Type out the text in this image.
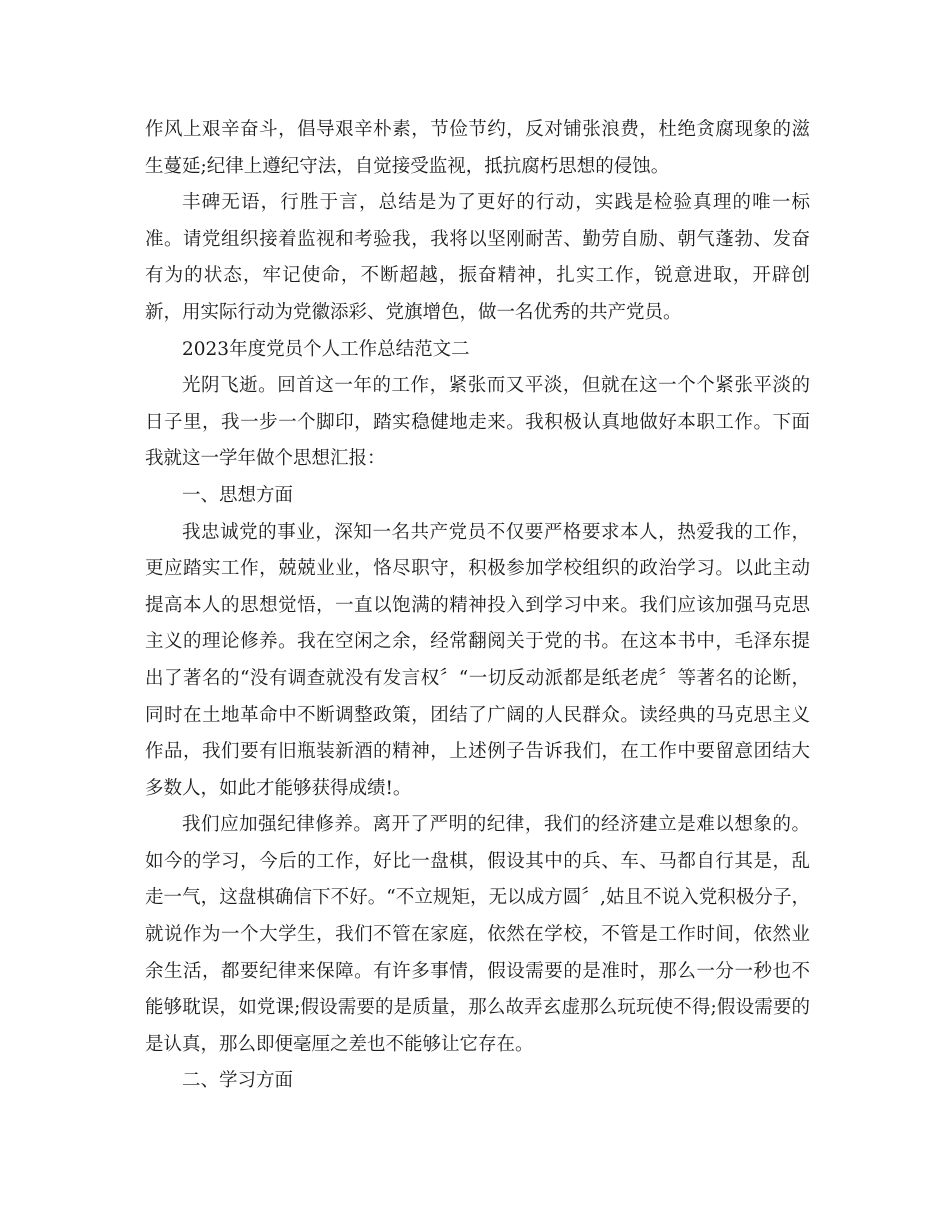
作风上艰辛奋斗，倡导艰辛朴素，节俭节约，反对铺张浪费，杜绝贪腐现象的滋生蔓延;纪律上遵纪守法，自觉接受监视，抵抗腐朽思想的侵蚀。

丰碑无语，行胜于言，总结是为了更好的行动，实践是检验真理的唯一标准。请党组织接着监视和考验我，我将以坚刚耐苦、勤劳自励、朝气蓬勃、发奋有为的状态，牢记使命，不断超越，振奋精神，扎实工作，锐意进取，开辟创新，用实际行动为党徽添彩、党旗增色，做一名优秀的共产党员。

2023年度党员个人工作总结范文二

光阴飞逝。回首这一年的工作，紧张而又平淡，但就在这一个个紧张平淡的日子里，我一步一个脚印，踏实稳健地走来。我积极认真地做好本职工作。下面我就这一学年做个思想汇报：

一、思想方面

我忠诚党的事业，深知一名共产党员不仅要严格要求本人，热爱我的工作，更应踏实工作，兢兢业业，恪尽职守，积极参加学校组织的政治学习。以此主动提高本人的思想觉悟，一直以饱满的精神投入到学习中来。我们应该加强马克思主义的理论修养。我在空闲之余，经常翻阅关于党的书。在这本书中，毛泽东提出了著名的“没有调查就没有发言权〞“一切反动派都是纸老虎〞等著名的论断，同时在土地革命中不断调整政策，团结了广阔的人民群众。读经典的马克思主义作品，我们要有旧瓶装新酒的精神，上述例子告诉我们，在工作中要留意团结大多数人，如此才能够获得成绩!。

我们应加强纪律修养。离开了严明的纪律，我们的经济建立是难以想象的。如今的学习，今后的工作，好比一盘棋，假设其中的兵、车、马都自行其是，乱走一气，这盘棋确信下不好。“不立规矩，无以成方圆〞,姑且不说入党积极分子，就说作为一个大学生，我们不管在家庭，依然在学校，不管是工作时间，依然业余生活，都要纪律来保障。有许多事情，假设需要的是准时，那么一分一秒也不能够耽误，如党课;假设需要的是质量，那么故弄玄虚那么玩玩使不得;假设需要的是认真，那么即便毫厘之差也不能够让它存在。

二、学习方面
